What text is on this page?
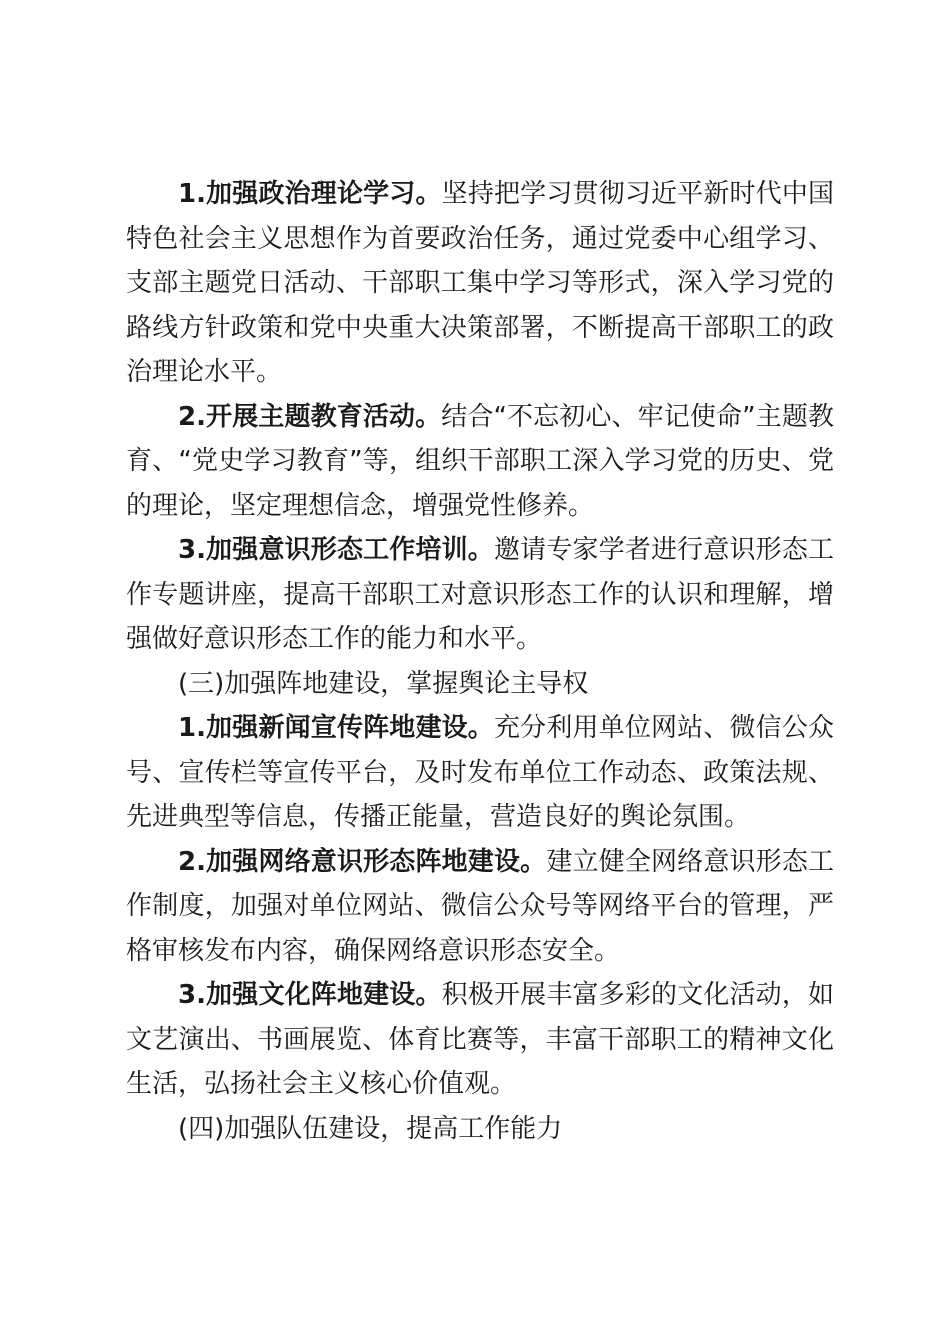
1.加强政治理论学习。坚持把学习贯彻习近平新时代中国特色社会主义思想作为首要政治任务，通过党委中心组学习、支部主题党日活动、干部职工集中学习等形式，深入学习党的路线方针政策和党中央重大决策部署，不断提高干部职工的政治理论水平。

2.开展主题教育活动。结合“不忘初心、牢记使命”主题教育、“党史学习教育”等，组织干部职工深入学习党的历史、党的理论，坚定理想信念，增强党性修养。

3.加强意识形态工作培训。邀请专家学者进行意识形态工作专题讲座，提高干部职工对意识形态工作的认识和理解，增强做好意识形态工作的能力和水平。

(三)加强阵地建设，掌握舆论主导权

1.加强新闻宣传阵地建设。充分利用单位网站、微信公众号、宣传栏等宣传平台，及时发布单位工作动态、政策法规、先进典型等信息，传播正能量，营造良好的舆论氛围。

2.加强网络意识形态阵地建设。建立健全网络意识形态工作制度，加强对单位网站、微信公众号等网络平台的管理，严格审核发布内容，确保网络意识形态安全。

3.加强文化阵地建设。积极开展丰富多彩的文化活动，如文艺演出、书画展览、体育比赛等，丰富干部职工的精神文化生活，弘扬社会主义核心价值观。

(四)加强队伍建设，提高工作能力
